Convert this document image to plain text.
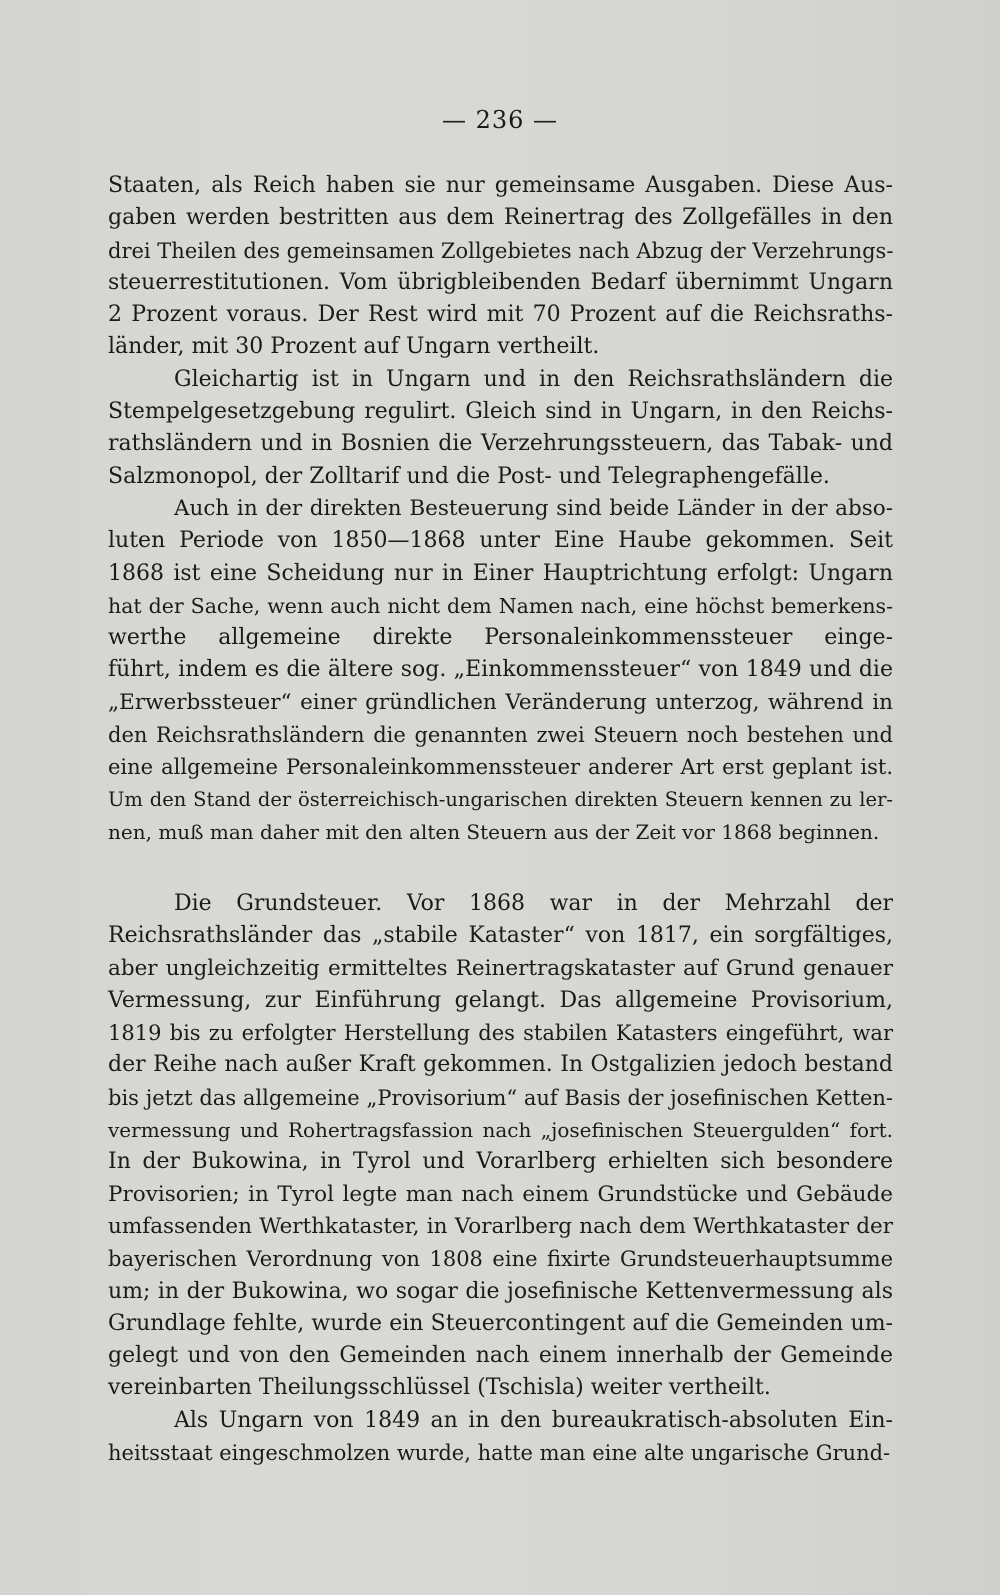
— 236 —
Staaten, als Reich haben sie nur gemeinsame Ausgaben. Diese Aus-
gaben werden bestritten aus dem Reinertrag des Zollgefälles in den
drei Theilen des gemeinsamen Zollgebietes nach Abzug der Verzehrungs-
steuerrestitutionen. Vom übrigbleibenden Bedarf übernimmt Ungarn
2 Prozent voraus. Der Rest wird mit 70 Prozent auf die Reichsraths-
länder, mit 30 Prozent auf Ungarn vertheilt.
Gleichartig ist in Ungarn und in den Reichsrathsländern die
Stempelgesetzgebung regulirt. Gleich sind in Ungarn, in den Reichs-
rathsländern und in Bosnien die Verzehrungssteuern, das Tabak- und
Salzmonopol, der Zolltarif und die Post- und Telegraphengefälle.
Auch in der direkten Besteuerung sind beide Länder in der abso-
luten Periode von 1850—1868 unter Eine Haube gekommen. Seit
1868 ist eine Scheidung nur in Einer Hauptrichtung erfolgt: Ungarn
hat der Sache, wenn auch nicht dem Namen nach, eine höchst bemerkens-
werthe allgemeine direkte Personaleinkommenssteuer einge-
führt, indem es die ältere sog. „Einkommenssteuer“ von 1849 und die
„Erwerbssteuer“ einer gründlichen Veränderung unterzog, während in
den Reichsrathsländern die genannten zwei Steuern noch bestehen und
eine allgemeine Personaleinkommenssteuer anderer Art erst geplant ist.
Um den Stand der österreichisch-ungarischen direkten Steuern kennen zu ler-
nen, muß man daher mit den alten Steuern aus der Zeit vor 1868 beginnen.
Die Grundsteuer. Vor 1868 war in der Mehrzahl der
Reichsrathsländer das „stabile Kataster“ von 1817, ein sorgfältiges,
aber ungleichzeitig ermitteltes Reinertragskataster auf Grund genauer
Vermessung, zur Einführung gelangt. Das allgemeine Provisorium,
1819 bis zu erfolgter Herstellung des stabilen Katasters eingeführt, war
der Reihe nach außer Kraft gekommen. In Ostgalizien jedoch bestand
bis jetzt das allgemeine „Provisorium“ auf Basis der josefinischen Ketten-
vermessung und Rohertragsfassion nach „josefinischen Steuergulden“ fort.
In der Bukowina, in Tyrol und Vorarlberg erhielten sich besondere
Provisorien; in Tyrol legte man nach einem Grundstücke und Gebäude
umfassenden Werthkataster, in Vorarlberg nach dem Werthkataster der
bayerischen Verordnung von 1808 eine fixirte Grundsteuerhauptsumme
um; in der Bukowina, wo sogar die josefinische Kettenvermessung als
Grundlage fehlte, wurde ein Steuercontingent auf die Gemeinden um-
gelegt und von den Gemeinden nach einem innerhalb der Gemeinde
vereinbarten Theilungsschlüssel (Tschisla) weiter vertheilt.
Als Ungarn von 1849 an in den bureaukratisch-absoluten Ein-
heitsstaat eingeschmolzen wurde, hatte man eine alte ungarische Grund-
